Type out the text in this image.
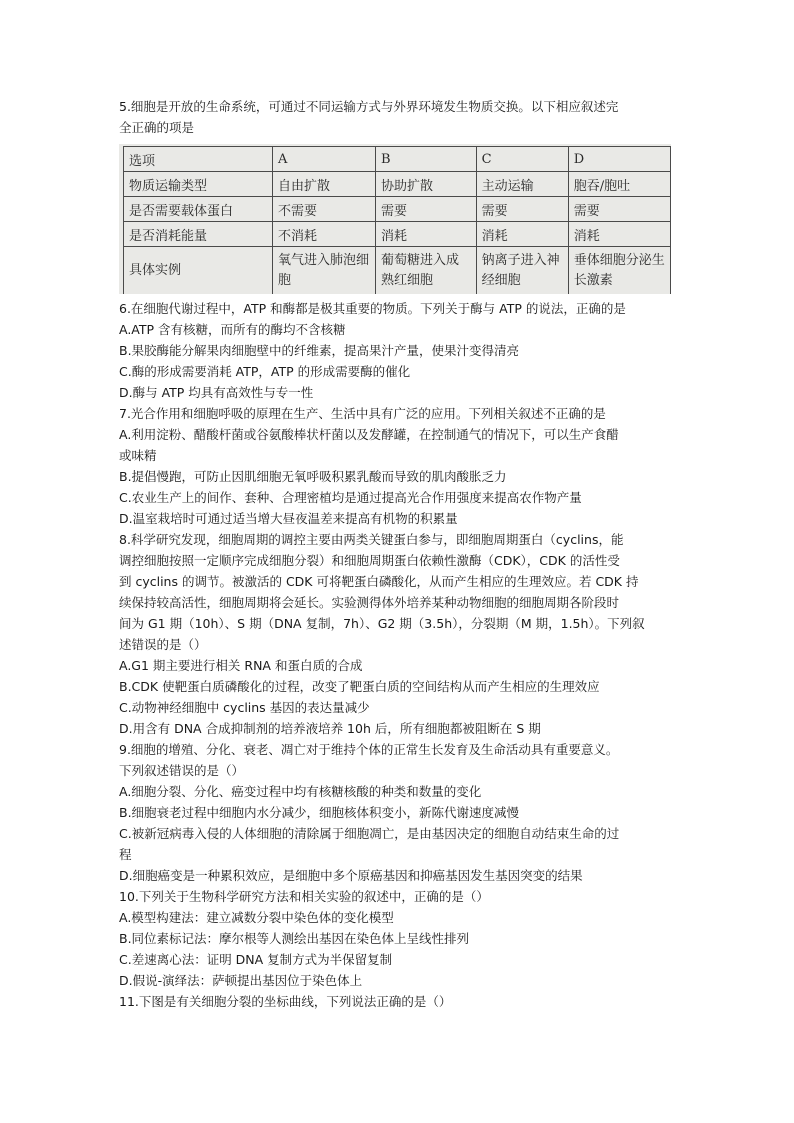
5.细胞是开放的生命系统，可通过不同运输方式与外界环境发生物质交换。以下相应叙述完
全正确的项是
选项	A	B	C	D
物质运输类型	自由扩散	协助扩散	主动运输	胞吞/胞吐
是否需要载体蛋白	不需要	需要	需要	需要
是否消耗能量	不消耗	消耗	消耗	消耗
具体实例	氧气进入肺泡细胞	葡萄糖进入成熟红细胞	钠离子进入神经细胞	垂体细胞分泌生长激素
6.在细胞代谢过程中，ATP 和酶都是极其重要的物质。下列关于酶与 ATP 的说法，正确的是
A.ATP 含有核糖，而所有的酶均不含核糖
B.果胶酶能分解果肉细胞壁中的纤维素，提高果汁产量，使果汁变得清亮
C.酶的形成需要消耗 ATP，ATP 的形成需要酶的催化
D.酶与 ATP 均具有高效性与专一性
7.光合作用和细胞呼吸的原理在生产、生活中具有广泛的应用。下列相关叙述不正确的是
A.利用淀粉、醋酸杆菌或谷氨酸棒状杆菌以及发酵罐，在控制通气的情况下，可以生产食醋
或味精
B.提倡慢跑，可防止因肌细胞无氧呼吸积累乳酸而导致的肌肉酸胀乏力
C.农业生产上的间作、套种、合理密植均是通过提高光合作用强度来提高农作物产量
D.温室栽培时可通过适当增大昼夜温差来提高有机物的积累量
8.科学研究发现，细胞周期的调控主要由两类关键蛋白参与，即细胞周期蛋白（cyclins，能
调控细胞按照一定顺序完成细胞分裂）和细胞周期蛋白依赖性激酶（CDK），CDK 的活性受
到 cyclins 的调节。被激活的 CDK 可将靶蛋白磷酸化，从而产生相应的生理效应。若 CDK 持
续保持较高活性，细胞周期将会延长。实验测得体外培养某种动物细胞的细胞周期各阶段时
间为 G1 期（10h）、S 期（DNA 复制，7h）、G2 期（3.5h），分裂期（M 期，1.5h）。下列叙
述错误的是（）
A.G1 期主要进行相关 RNA 和蛋白质的合成
B.CDK 使靶蛋白质磷酸化的过程，改变了靶蛋白质的空间结构从而产生相应的生理效应
C.动物神经细胞中 cyclins 基因的表达量减少
D.用含有 DNA 合成抑制剂的培养液培养 10h 后，所有细胞都被阻断在 S 期
9.细胞的增殖、分化、衰老、凋亡对于维持个体的正常生长发育及生命活动具有重要意义。
下列叙述错误的是（）
A.细胞分裂、分化、癌变过程中均有核糖核酸的种类和数量的变化
B.细胞衰老过程中细胞内水分减少，细胞核体积变小，新陈代谢速度减慢
C.被新冠病毒入侵的人体细胞的清除属于细胞凋亡，是由基因决定的细胞自动结束生命的过
程
D.细胞癌变是一种累积效应，是细胞中多个原癌基因和抑癌基因发生基因突变的结果
10.下列关于生物科学研究方法和相关实验的叙述中，正确的是（）
A.模型构建法：建立减数分裂中染色体的变化模型
B.同位素标记法：摩尔根等人测绘出基因在染色体上呈线性排列
C.差速离心法：证明 DNA 复制方式为半保留复制
D.假说-演绎法：萨顿提出基因位于染色体上
11.下图是有关细胞分裂的坐标曲线，下列说法正确的是（）
